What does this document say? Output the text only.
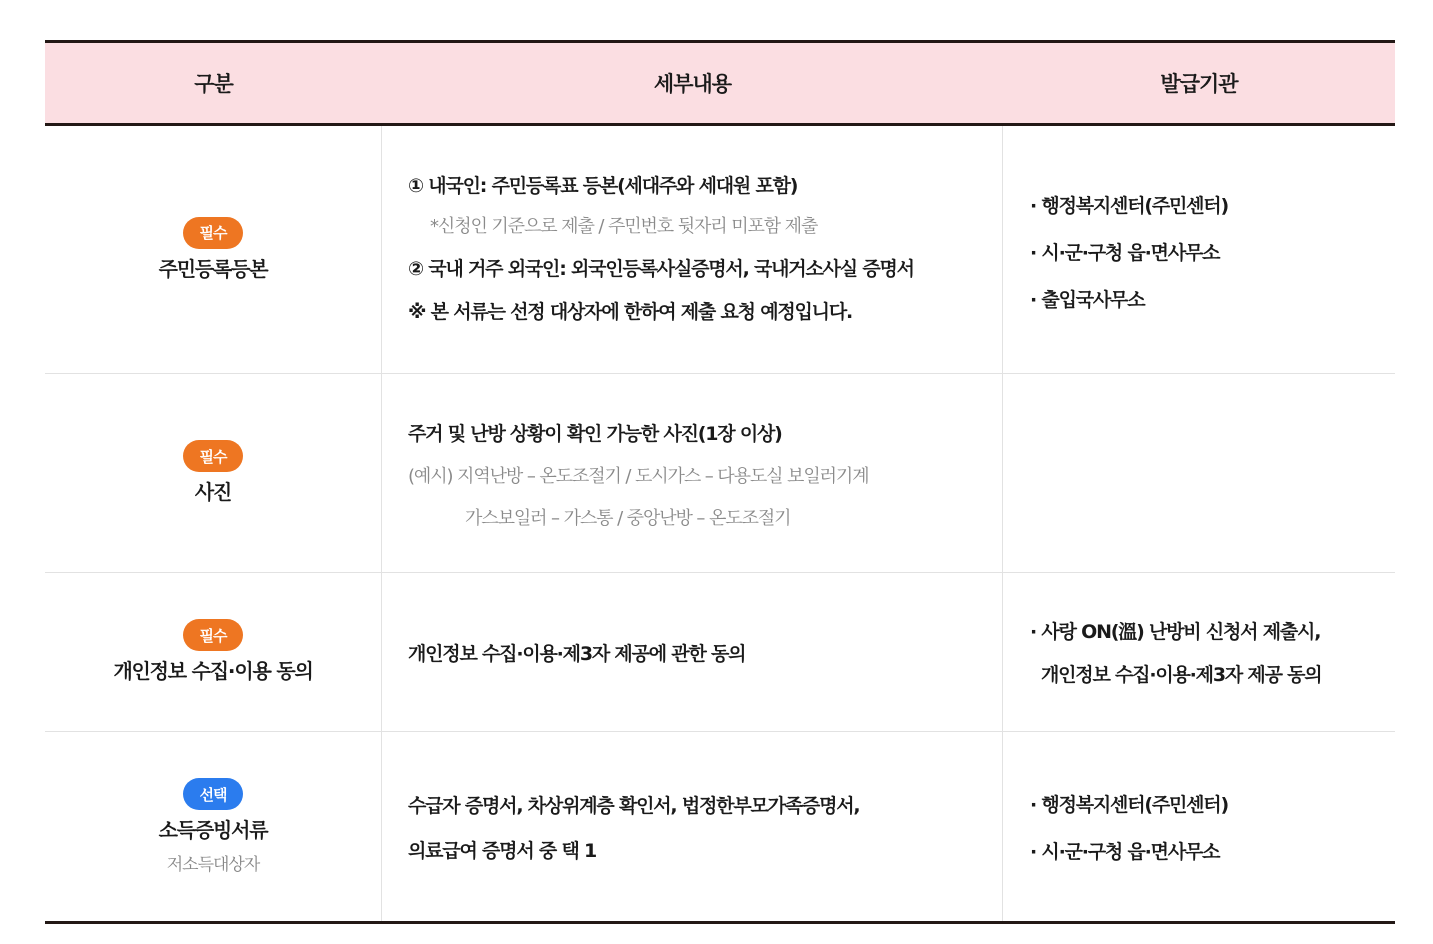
구분	세부내용	발급기관
필수
주민등록등본
① 내국인: 주민등록표 등본(세대주와 세대원 포함)
*신청인 기준으로 제출 / 주민번호 뒷자리 미포함 제출
② 국내 거주 외국인: 외국인등록사실증명서, 국내거소사실 증명서
※ 본 서류는 선정 대상자에 한하여 제출 요청 예정입니다.
· 행정복지센터(주민센터)
· 시·군·구청 읍·면사무소
· 출입국사무소
필수
사진
주거 및 난방 상황이 확인 가능한 사진(1장 이상)
(예시) 지역난방 – 온도조절기 / 도시가스 – 다용도실 보일러기계
가스보일러 – 가스통 / 중앙난방 – 온도조절기
필수
개인정보 수집·이용 동의
개인정보 수집·이용·제3자 제공에 관한 동의
· 사랑 ON(溫) 난방비 신청서 제출시,
개인정보 수집·이용·제3자 제공 동의
선택
소득증빙서류
저소득대상자
수급자 증명서, 차상위계층 확인서, 법정한부모가족증명서,
의료급여 증명서 중 택 1
· 행정복지센터(주민센터)
· 시·군·구청 읍·면사무소
